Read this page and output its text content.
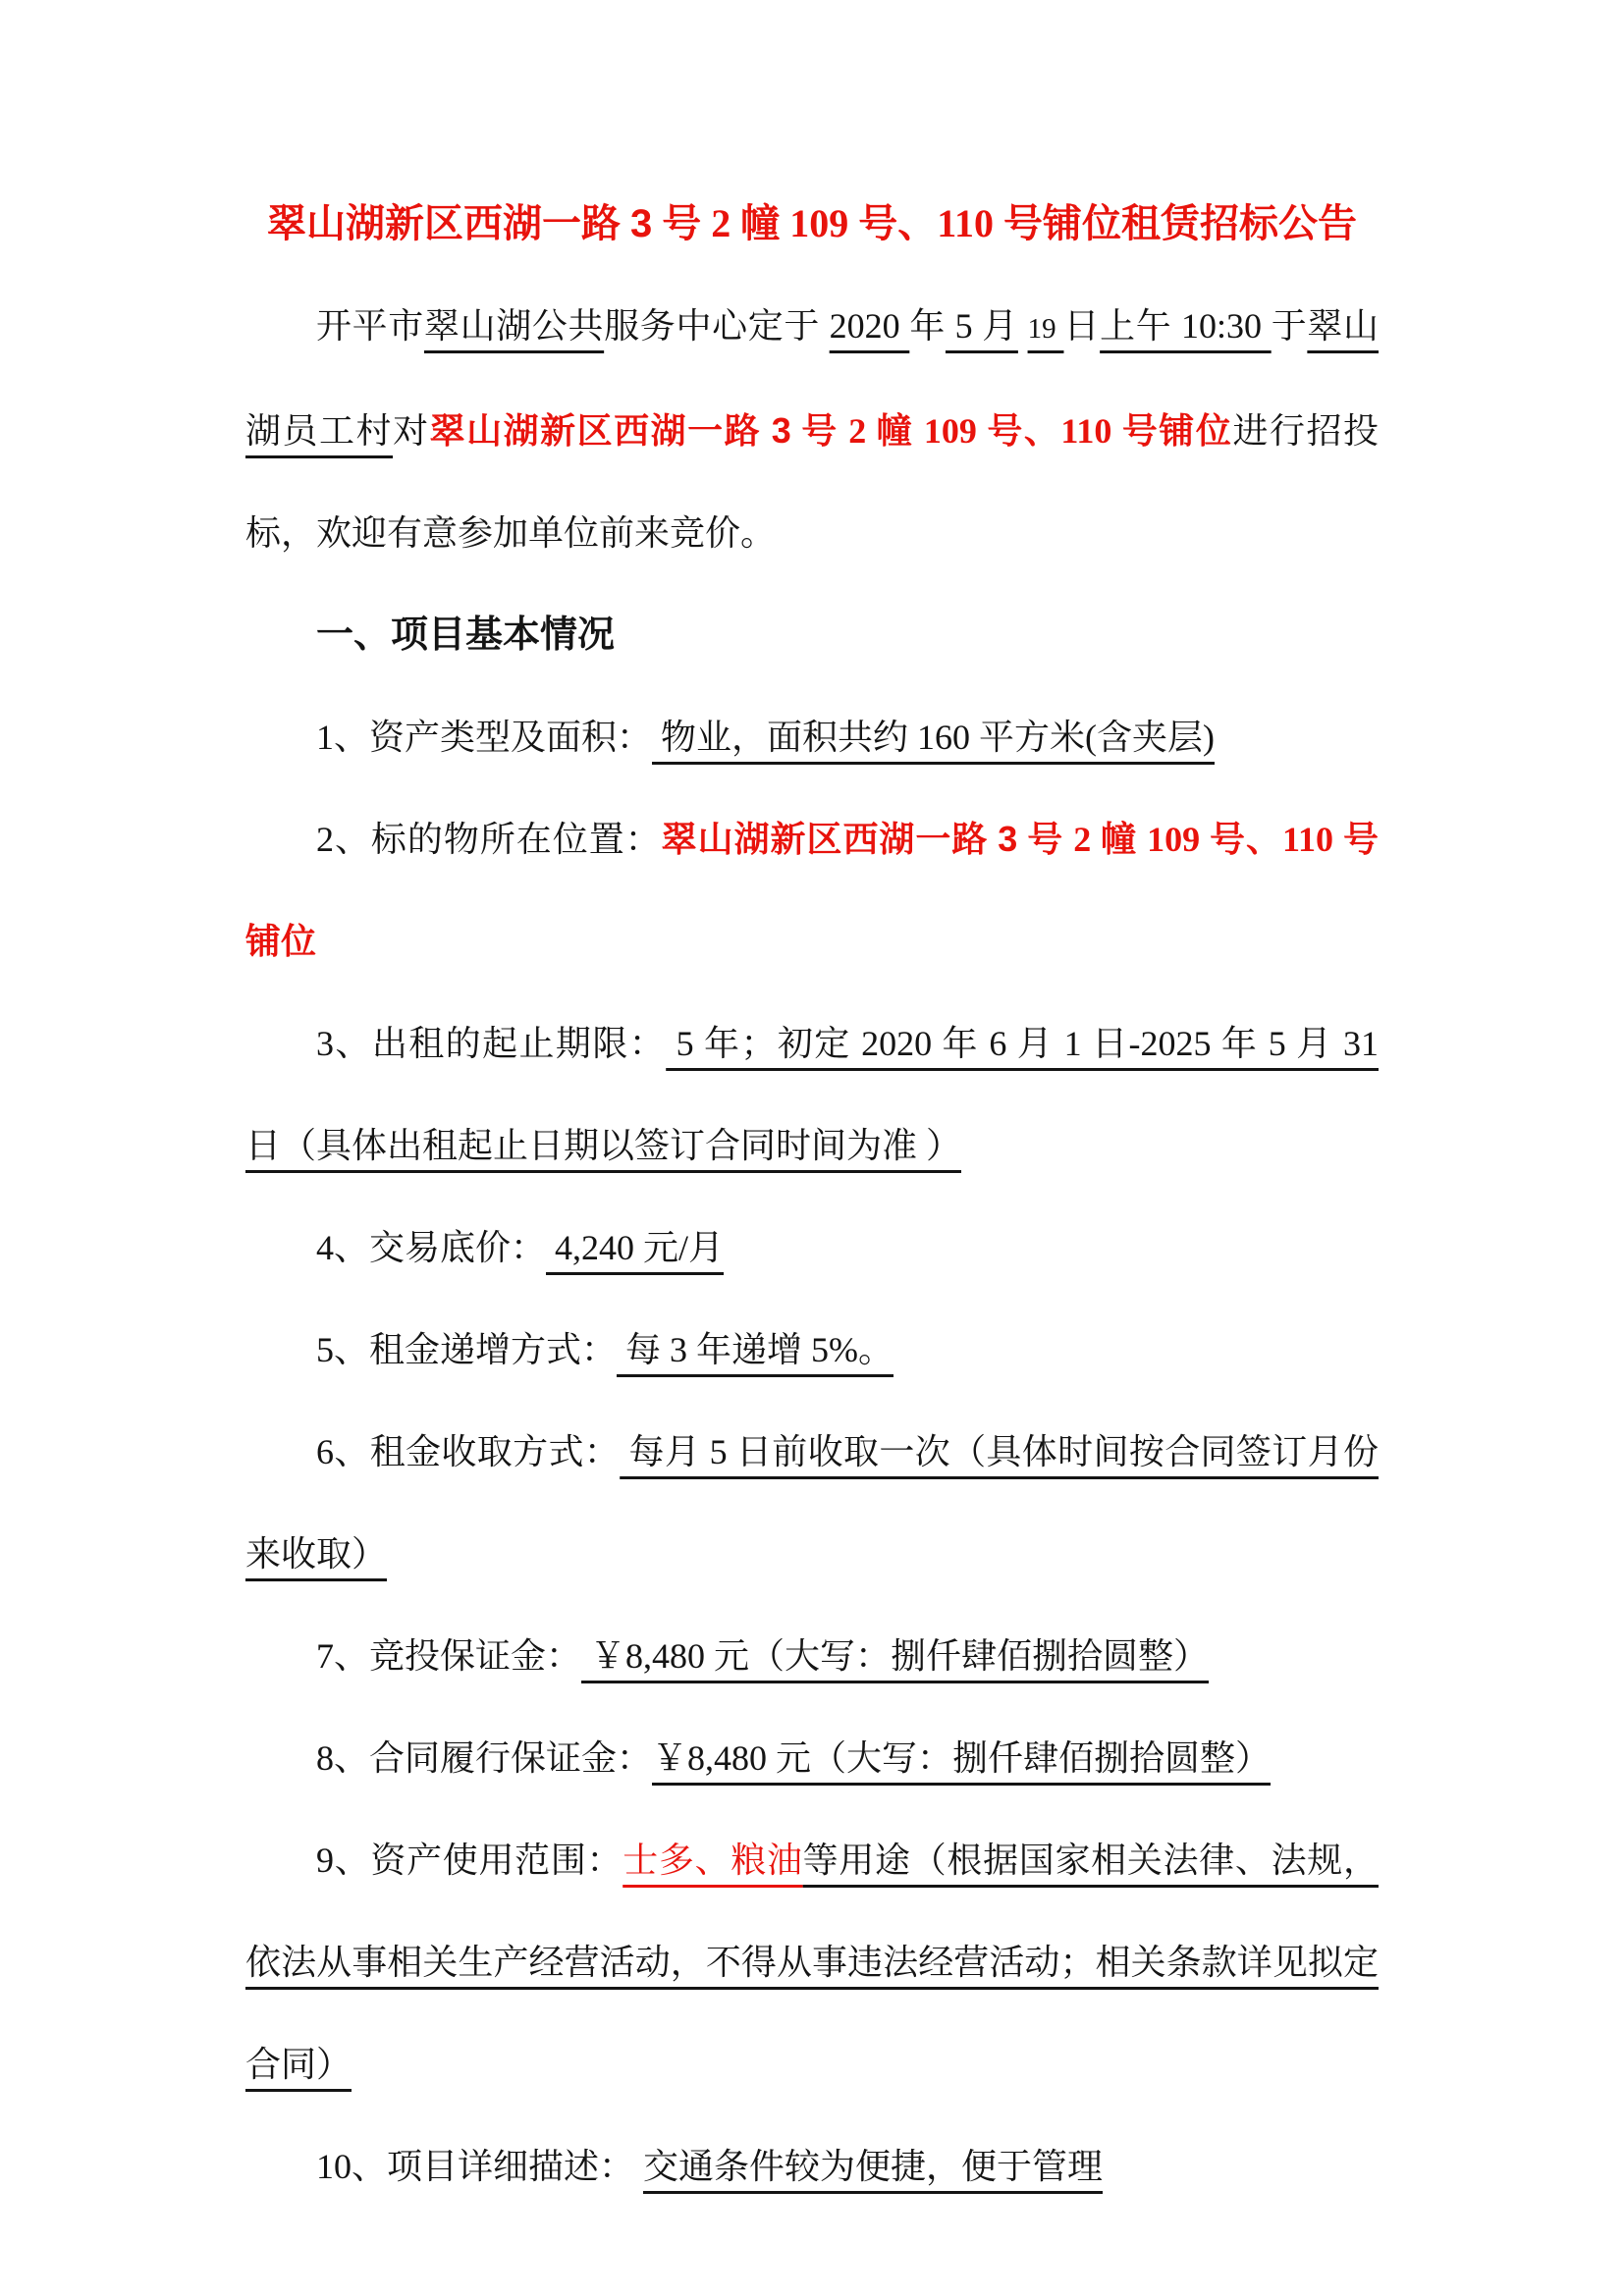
翠山湖新区西湖一路 3 号 2 幢 109 号、110 号铺位租赁招标公告

开平市翠山湖公共服务中心定于 2020 年 5 月 19 日上午 10:30 于翠山湖员工村对翠山湖新区西湖一路 3 号 2 幢 109 号、110 号铺位进行招投标，欢迎有意参加单位前来竞价。

一、项目基本情况

1、资产类型及面积： 物业，面积共约 160 平方米(含夹层)

2、标的物所在位置：翠山湖新区西湖一路 3 号 2 幢 109 号、110 号铺位

3、出租的起止期限： 5 年；初定 2020 年 6 月 1 日-2025 年 5 月 31 日（具体出租起止日期以签订合同时间为准 ）

4、交易底价： 4,240 元/月

5、租金递增方式： 每 3 年递增 5%。

6、租金收取方式： 每月 5 日前收取一次（具体时间按合同签订月份来收取）

7、竞投保证金： ￥8,480 元（大写：捌仟肆佰捌拾圆整）

8、合同履行保证金：￥8,480 元（大写：捌仟肆佰捌拾圆整）

9、资产使用范围：士多、粮油等用途（根据国家相关法律、法规，依法从事相关生产经营活动，不得从事违法经营活动；相关条款详见拟定合同）

10、项目详细描述： 交通条件较为便捷，便于管理
